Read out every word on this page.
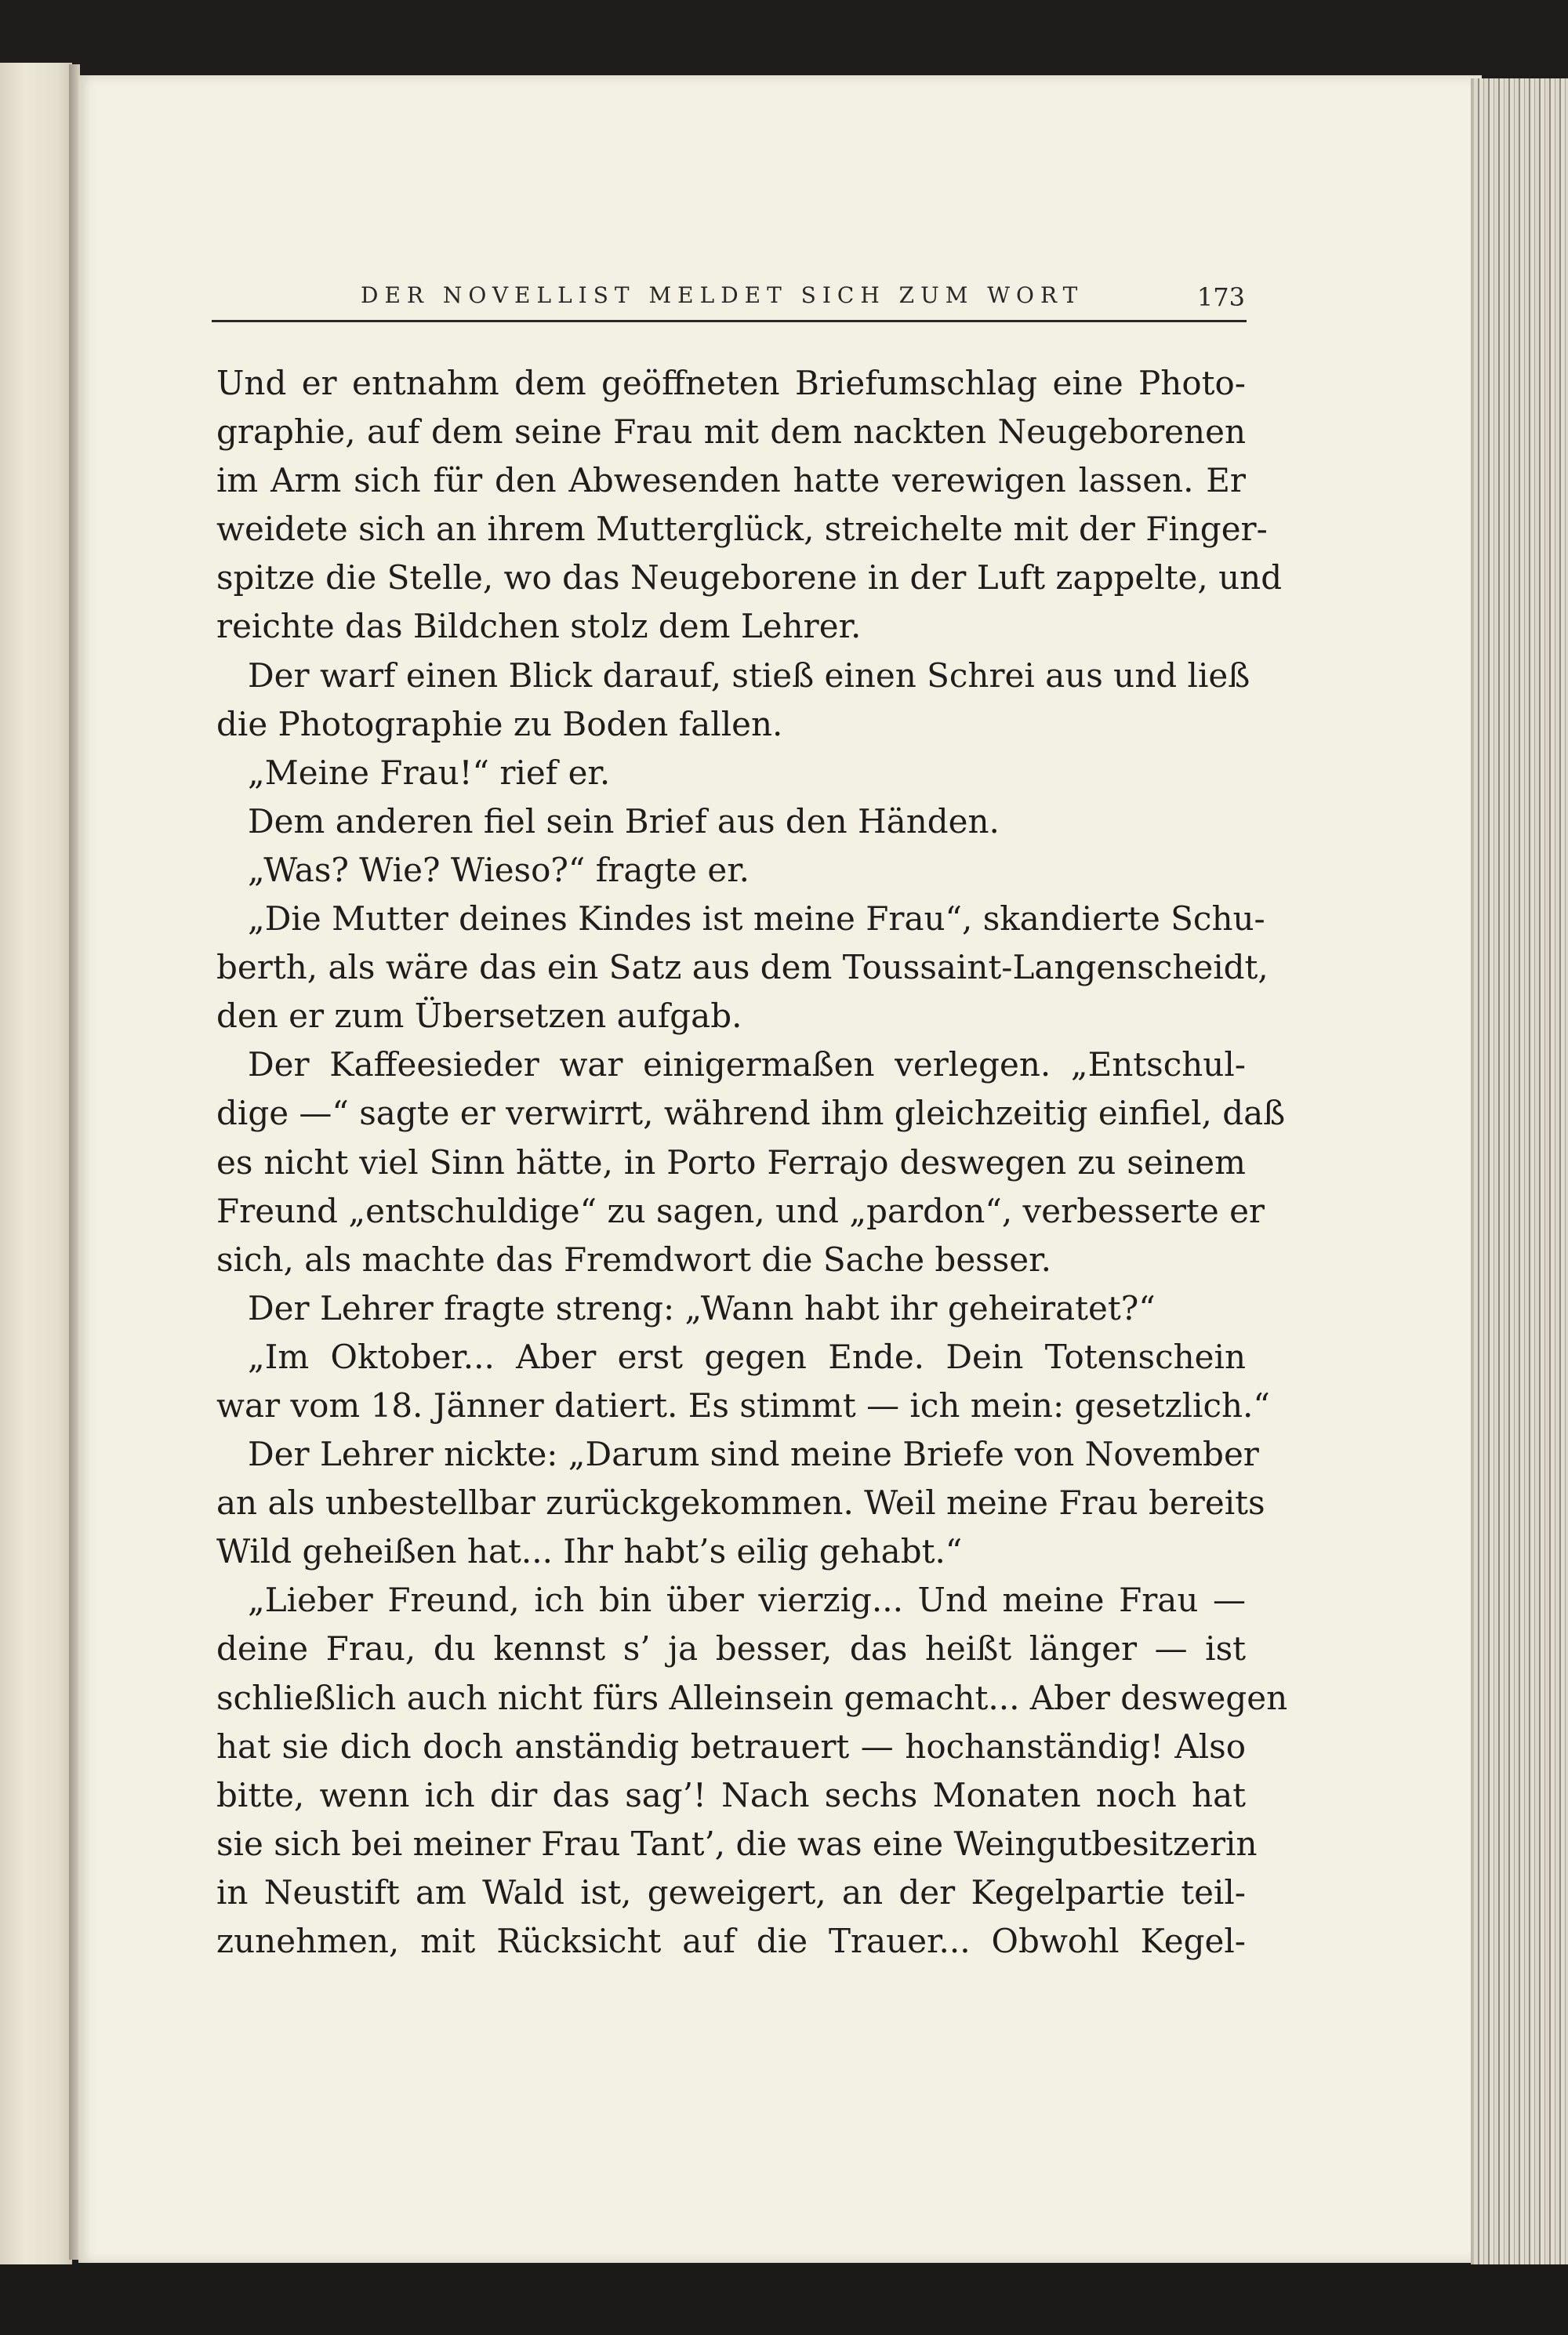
DER NOVELLIST MELDET SICH ZUM WORT	173
Und er entnahm dem geöffneten Briefumschlag eine Photo-
graphie, auf dem seine Frau mit dem nackten Neugeborenen
im Arm sich für den Abwesenden hatte verewigen lassen. Er
weidete sich an ihrem Mutterglück, streichelte mit der Finger-
spitze die Stelle, wo das Neugeborene in der Luft zappelte, und
reichte das Bildchen stolz dem Lehrer.
Der warf einen Blick darauf, stieß einen Schrei aus und ließ
die Photographie zu Boden fallen.
„Meine Frau!“ rief er.
Dem anderen fiel sein Brief aus den Händen.
„Was? Wie? Wieso?“ fragte er.
„Die Mutter deines Kindes ist meine Frau“, skandierte Schu-
berth, als wäre das ein Satz aus dem Toussaint-Langenscheidt,
den er zum Übersetzen aufgab.
Der Kaffeesieder war einigermaßen verlegen. „Entschul-
dige —“ sagte er verwirrt, während ihm gleichzeitig einfiel, daß
es nicht viel Sinn hätte, in Porto Ferrajo deswegen zu seinem
Freund „entschuldige“ zu sagen, und „pardon“, verbesserte er
sich, als machte das Fremdwort die Sache besser.
Der Lehrer fragte streng: „Wann habt ihr geheiratet?“
„Im Oktober... Aber erst gegen Ende. Dein Totenschein
war vom 18. Jänner datiert. Es stimmt — ich mein: gesetzlich.“
Der Lehrer nickte: „Darum sind meine Briefe von November
an als unbestellbar zurückgekommen. Weil meine Frau bereits
Wild geheißen hat... Ihr habt’s eilig gehabt.“
„Lieber Freund, ich bin über vierzig... Und meine Frau —
deine Frau, du kennst s’ ja besser, das heißt länger — ist
schließlich auch nicht fürs Alleinsein gemacht... Aber deswegen
hat sie dich doch anständig betrauert — hochanständig! Also
bitte, wenn ich dir das sag’! Nach sechs Monaten noch hat
sie sich bei meiner Frau Tant’, die was eine Weingutbesitzerin
in Neustift am Wald ist, geweigert, an der Kegelpartie teil-
zunehmen, mit Rücksicht auf die Trauer... Obwohl Kegel-
